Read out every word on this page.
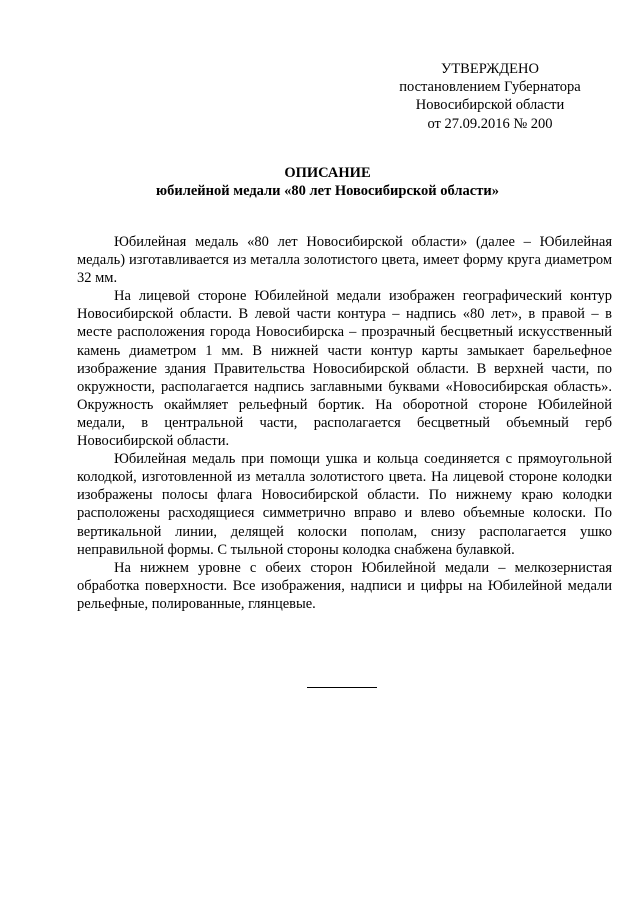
УТВЕРЖДЕНО
постановлением Губернатора
Новосибирской области
от 27.09.2016 № 200
ОПИСАНИЕ
юбилейной медали «80 лет Новосибирской области»

Юбилейная медаль «80 лет Новосибирской области» (далее – Юбилейная медаль) изготавливается из металла золотистого цвета, имеет форму круга диаметром 32 мм.

На лицевой стороне Юбилейной медали изображен географический контур Новосибирской области. В левой части контура – надпись «80 лет», в правой – в месте расположения города Новосибирска – прозрачный бесцветный искусственный камень диаметром 1 мм. В нижней части контур карты замыкает барельефное изображение здания Правительства Новосибирской области. В верхней части, по окружности, располагается надпись заглавными буквами «Новосибирская область». Окружность окаймляет рельефный бортик. На оборотной стороне Юбилейной медали, в центральной части, располагается бесцветный объемный герб Новосибирской области.

Юбилейная медаль при помощи ушка и кольца соединяется с прямоугольной колодкой, изготовленной из металла золотистого цвета. На лицевой стороне колодки изображены полосы флага Новосибирской области. По нижнему краю колодки расположены расходящиеся симметрично вправо и влево объемные колоски. По вертикальной линии, делящей колоски пополам, снизу располагается ушко неправильной формы. С тыльной стороны колодка снабжена булавкой.

На нижнем уровне с обеих сторон Юбилейной медали – мелкозернистая обработка поверхности. Все изображения, надписи и цифры на Юбилейной медали рельефные, полированные, глянцевые.
